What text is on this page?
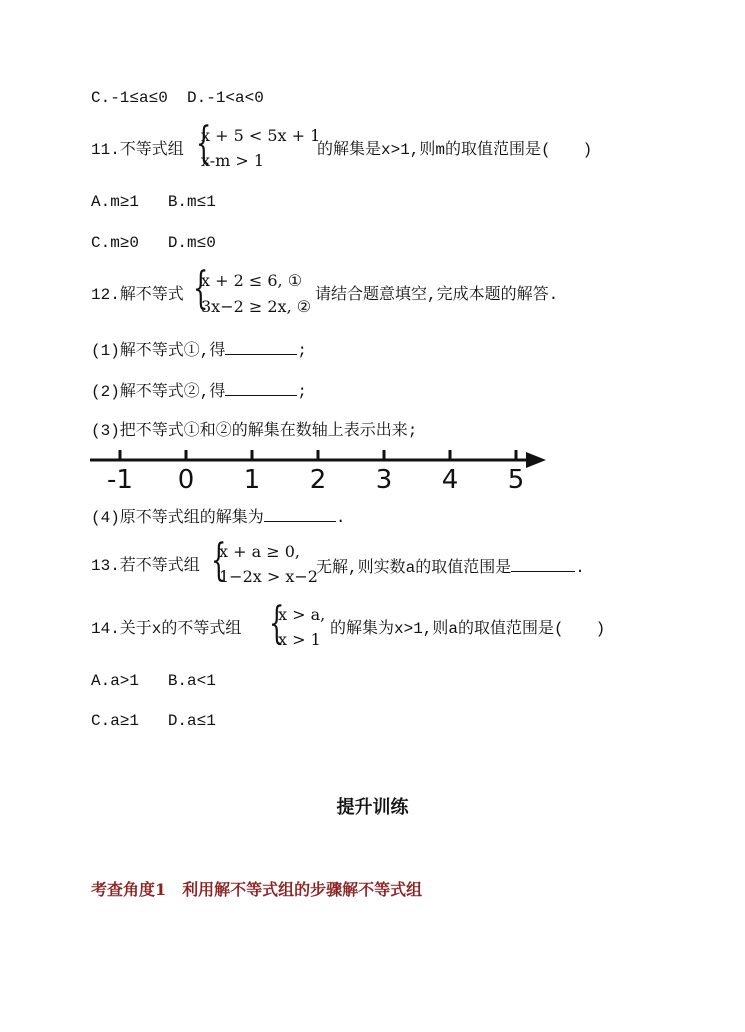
C.-1≤a≤0 D.-1<a<0
11.不等式组 {
x + 5 < 5x + 1
x-m > 1
的解集是x>1,则m的取值范围是(　　)
A.m≥1 B.m≤1
C.m≥0 D.m≤0
12.解不等式 {
x + 2 ≤ 6, ①
3x−2 ≥ 2x, ②
请结合题意填空,完成本题的解答.
(1)解不等式①,得	;
(2)解不等式②,得	;
(3)把不等式①和②的解集在数轴上表示出来;
-1 0 1 2 3 4 5
(4)原不等式组的解集为	.
13.若不等式组 {
x + a ≥ 0,
1−2x > x−2
无解,则实数a的取值范围是	.
14.关于x的不等式组 {
x > a,
x > 1
的解集为x>1,则a的取值范围是(　　)
A.a>1 B.a<1
C.a≥1 D.a≤1
提升训练
考查角度1　利用解不等式组的步骤解不等式组
